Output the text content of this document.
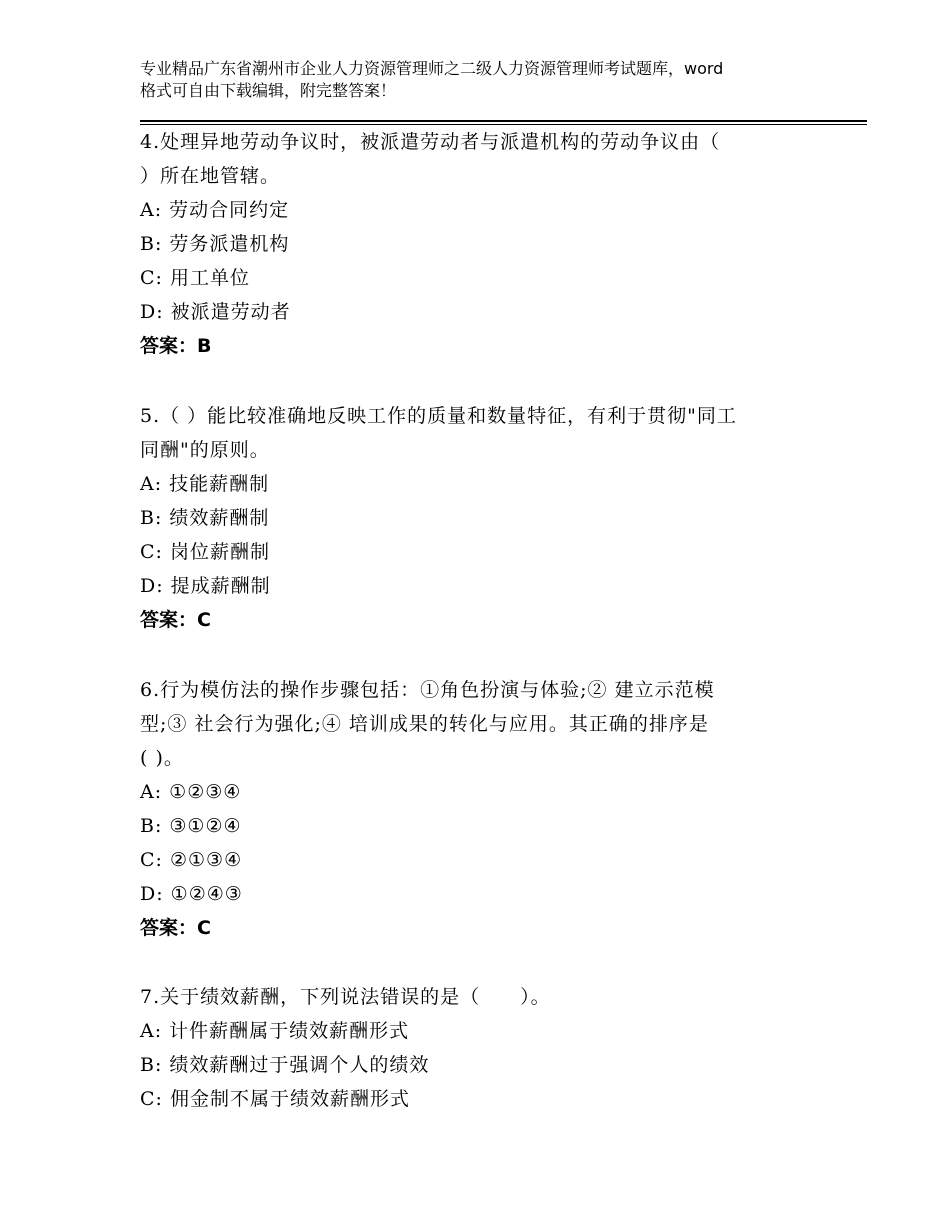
专业精品广东省潮州市企业人力资源管理师之二级人力资源管理师考试题库，word
格式可自由下载编辑，附完整答案！
4.处理异地劳动争议时，被派遣劳动者与派遣机构的劳动争议由（
）所在地管辖。
A: 劳动合同约定
B: 劳务派遣机构
C: 用工单位
D: 被派遣劳动者
答案：B
5.（ ）能比较准确地反映工作的质量和数量特征，有利于贯彻"同工
同酬"的原则。
A: 技能薪酬制
B: 绩效薪酬制
C: 岗位薪酬制
D: 提成薪酬制
答案：C
6.行为模仿法的操作步骤包括：①角色扮演与体验;② 建立示范模
型;③ 社会行为强化;④ 培训成果的转化与应用。其正确的排序是
( )。
A: ①②③④
B: ③①②④
C: ②①③④
D: ①②④③
答案：C
7.关于绩效薪酬，下列说法错误的是（　　）。
A: 计件薪酬属于绩效薪酬形式
B: 绩效薪酬过于强调个人的绩效
C: 佣金制不属于绩效薪酬形式
